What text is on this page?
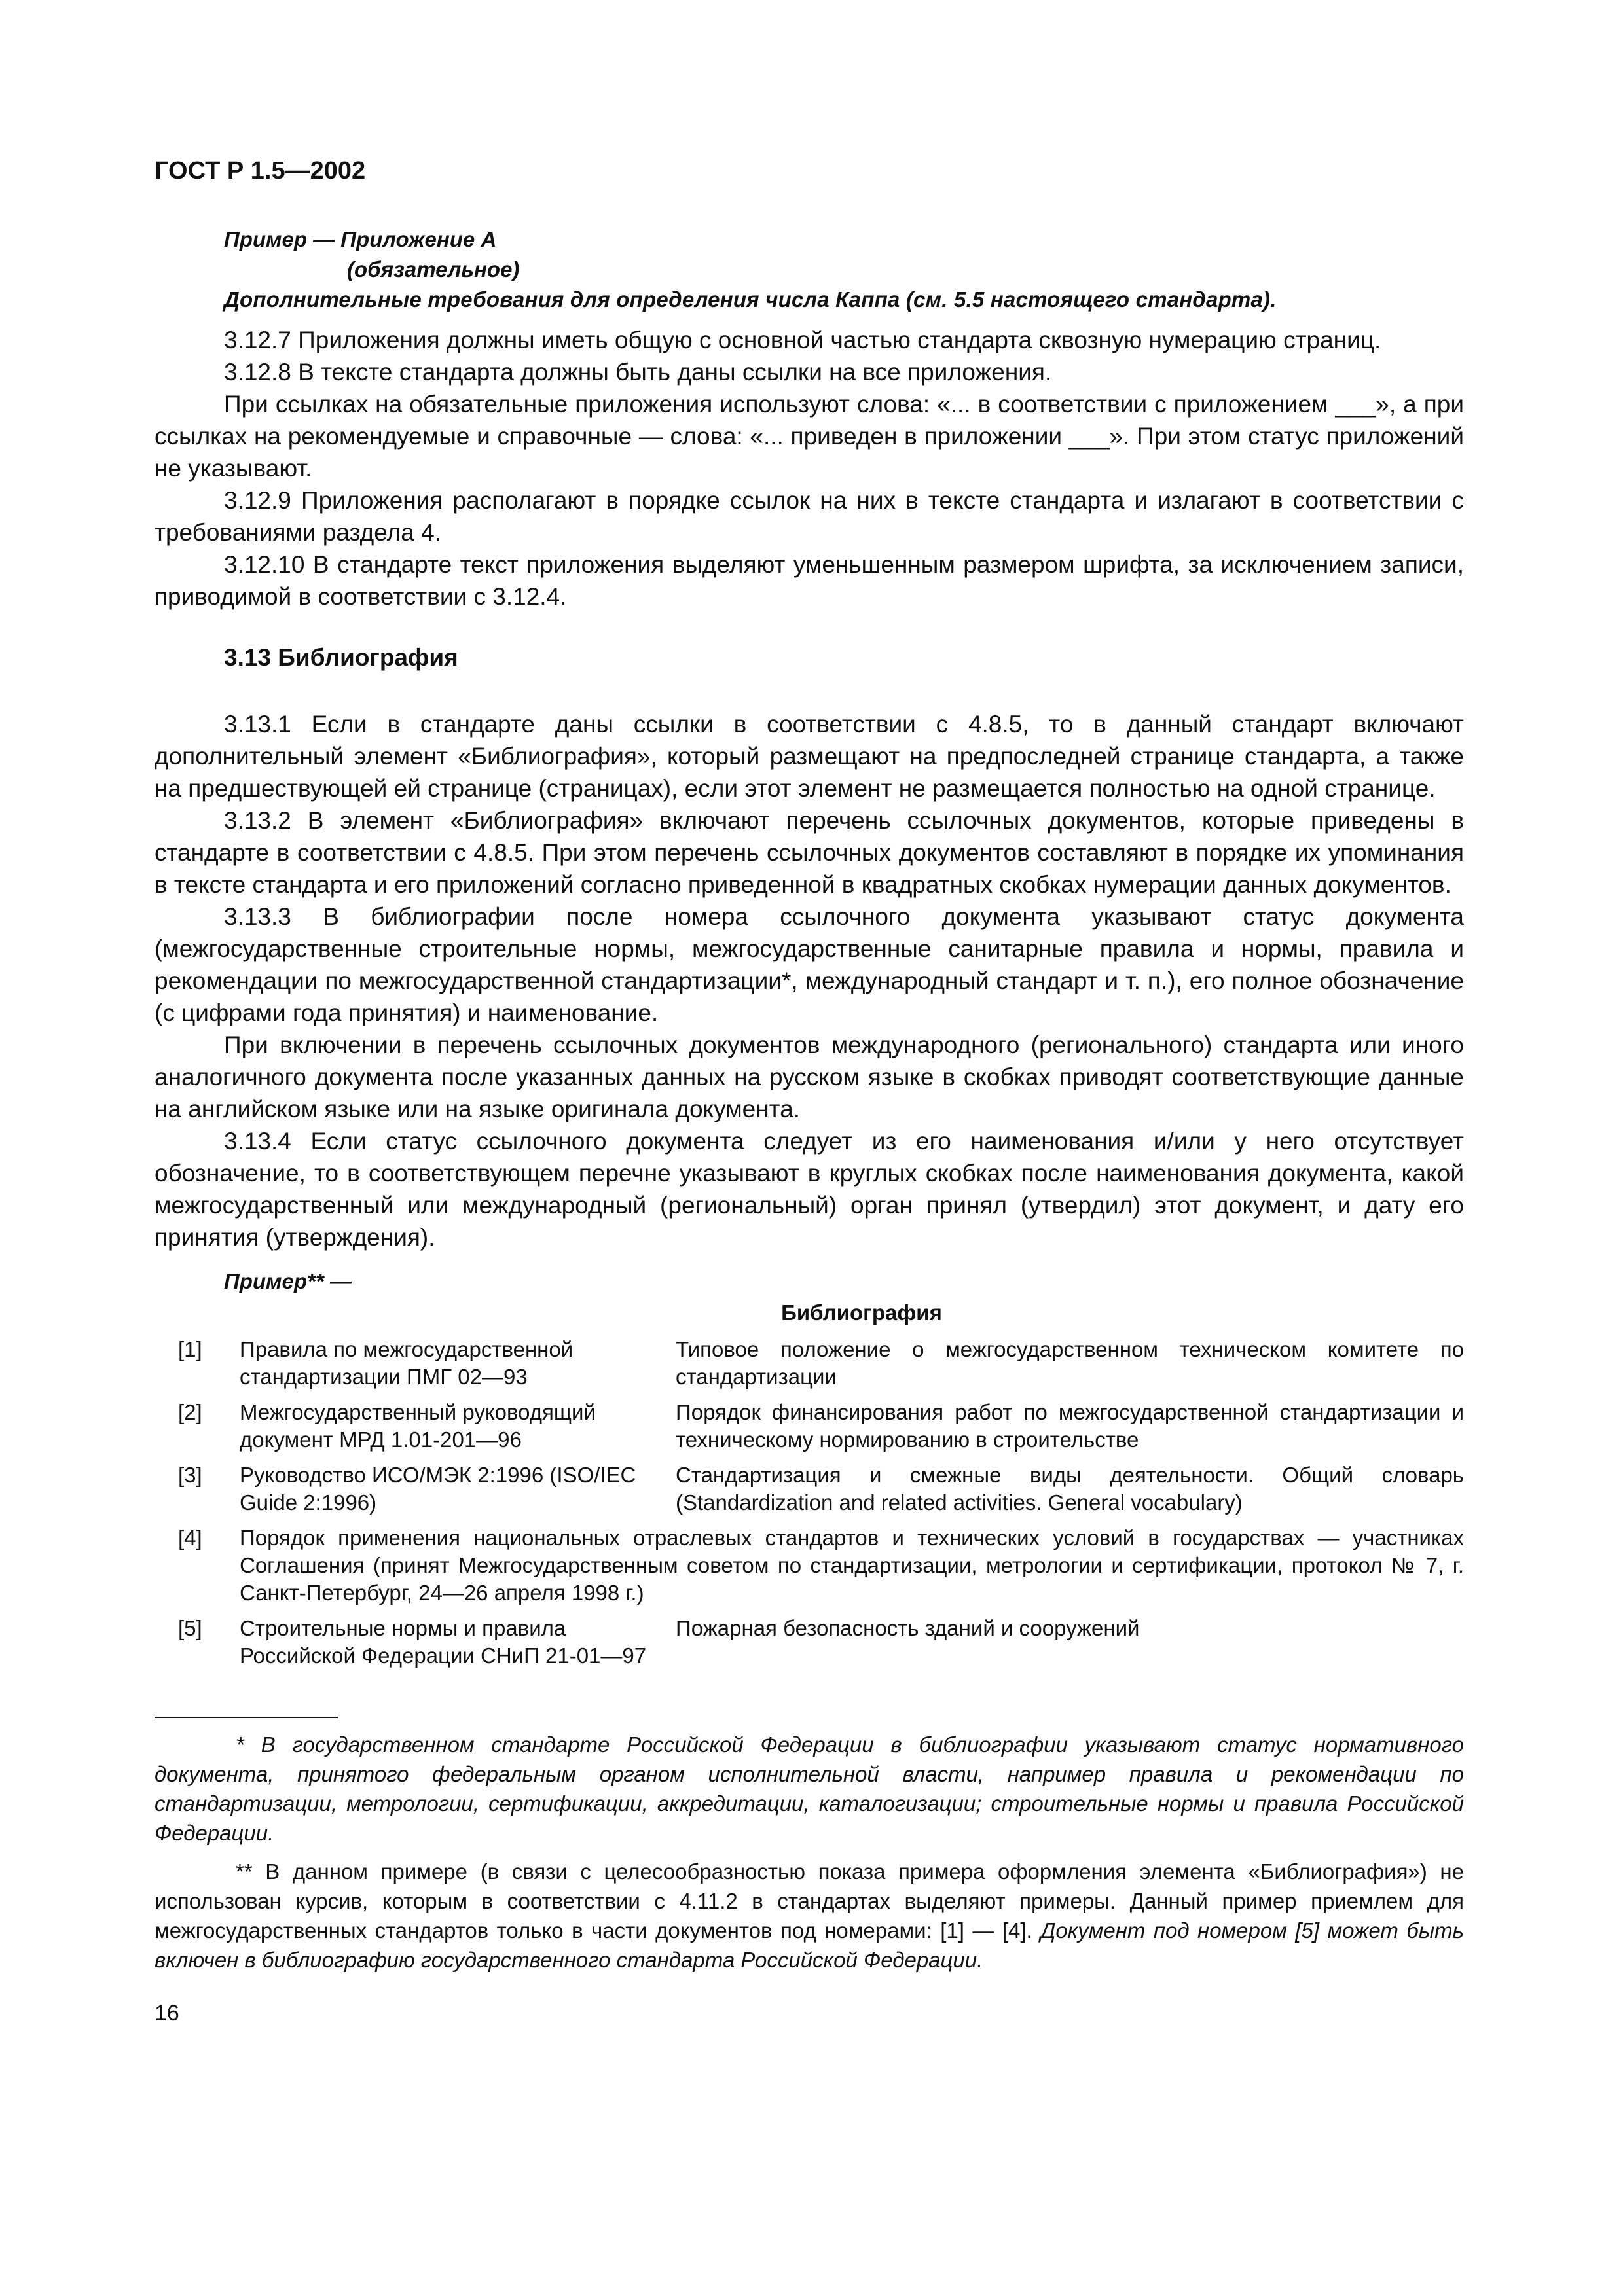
ГОСТ Р 1.5—2002
Пример — Приложение А
(обязательное)
Дополнительные требования для определения числа Каппа (см. 5.5 настоящего стандарта).

3.12.7 Приложения должны иметь общую с основной частью стандарта сквозную нумерацию страниц.

3.12.8 В тексте стандарта должны быть даны ссылки на все приложения.

При ссылках на обязательные приложения используют слова: «... в соответствии с приложением ___», а при ссылках на рекомендуемые и справочные — слова: «... приведен в приложении ___». При этом статус приложений не указывают.

3.12.9 Приложения располагают в порядке ссылок на них в тексте стандарта и излагают в соответствии с требованиями раздела 4.

3.12.10 В стандарте текст приложения выделяют уменьшенным размером шрифта, за исключением записи, приводимой в соответствии с 3.12.4.

3.13 Библиография

3.13.1 Если в стандарте даны ссылки в соответствии с 4.8.5, то в данный стандарт включают дополнительный элемент «Библиография», который размещают на предпоследней странице стандарта, а также на предшествующей ей странице (страницах), если этот элемент не размещается полностью на одной странице.

3.13.2 В элемент «Библиография» включают перечень ссылочных документов, которые приведены в стандарте в соответствии с 4.8.5. При этом перечень ссылочных документов составляют в порядке их упоминания в тексте стандарта и его приложений согласно приведенной в квадратных скобках нумерации данных документов.

3.13.3 В библиографии после номера ссылочного документа указывают статус документа (межгосударственные строительные нормы, межгосударственные санитарные правила и нормы, правила и рекомендации по межгосударственной стандартизации*, международный стандарт и т. п.), его полное обозначение (с цифрами года принятия) и наименование.

При включении в перечень ссылочных документов международного (регионального) стандарта или иного аналогичного документа после указанных данных на русском языке в скобках приводят соответствующие данные на английском языке или на языке оригинала документа.

3.13.4 Если статус ссылочного документа следует из его наименования и/или у него отсутствует обозначение, то в соответствующем перечне указывают в круглых скобках после наименования документа, какой межгосударственный или международный (региональный) орган принял (утвердил) этот документ, и дату его принятия (утверждения).

Пример** —
Библиография
[1]	Правила по межгосударственной стандартизации ПМГ 02—93	Типовое положение о межгосударственном техническом комитете по стандартизации
[2]	Межгосударственный руководящий документ МРД 1.01-201—96	Порядок финансирования работ по межгосударственной стандартизации и техническому нормированию в строительстве
[3]	Руководство ИСО/МЭК 2:1996 (ISO/IEC Guide 2:1996)	Стандартизация и смежные виды деятельности. Общий словарь (Standardization and related activities. General vocabulary)
[4]	Порядок применения национальных отраслевых стандартов и технических условий в государствах — участниках Соглашения (принят Межгосударственным советом по стандартизации, метрологии и сертификации, протокол № 7, г. Санкт-Петербург, 24—26 апреля 1998 г.)	
[5]	Строительные нормы и правила Российской Федерации СНиП 21-01—97	Пожарная безопасность зданий и сооружений
* В государственном стандарте Российской Федерации в библиографии указывают статус нормативного документа, принятого федеральным органом исполнительной власти, например правила и рекомендации по стандартизации, метрологии, сертификации, аккредитации, каталогизации; строительные нормы и правила Российской Федерации.
** В данном примере (в связи с целесообразностью показа примера оформления элемента «Библиография») не использован курсив, которым в соответствии с 4.11.2 в стандартах выделяют примеры. Данный пример приемлем для межгосударственных стандартов только в части документов под номерами: [1] — [4]. Документ под номером [5] может быть включен в библиографию государственного стандарта Российской Федерации.
16
